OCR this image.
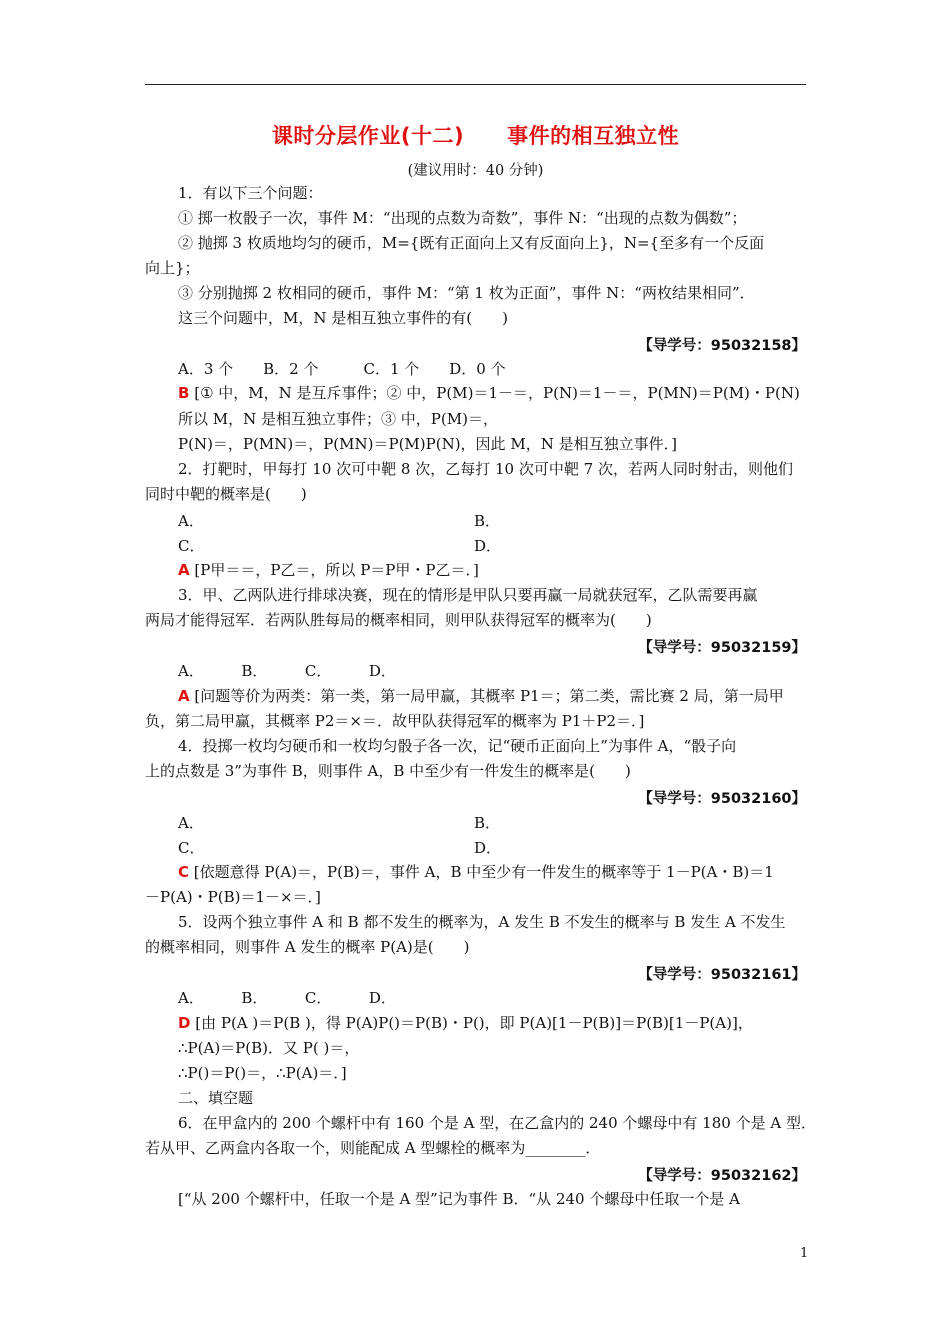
课时分层作业(十二)　　事件的相互独立性
(建议用时：40 分钟)
1．有以下三个问题：
① 掷一枚骰子一次，事件 M：“出现的点数为奇数”，事件 N：“出现的点数为偶数”；
② 抛掷 3 枚质地均匀的硬币，M={既有正面向上又有反面向上}，N={至多有一个反面
向上}；
③ 分别抛掷 2 枚相同的硬币，事件 M：“第 1 枚为正面”，事件 N：“两枚结果相同”．
这三个问题中，M，N 是相互独立事件的有(　　)
【导学号：95032158】
A．3 个　　B．2 个　　　C．1 个　　D．0 个
B [① 中，M，N 是互斥事件；② 中，P(M)＝1－＝，P(N)＝1－＝，P(MN)＝P(M)・P(N)
所以 M，N 是相互独立事件；③ 中，P(M)＝，
P(N)＝，P(MN)＝，P(MN)＝P(M)P(N)，因此 M，N 是相互独立事件．]
2．打靶时，甲每打 10 次可中靶 8 次，乙每打 10 次可中靶 7 次，若两人同时射击，则他们
同时中靶的概率是(　　)
A．	B．
C．	D．
A [P甲＝＝，P乙＝，所以 P＝P甲・P乙＝．]
3．甲、乙两队进行排球决赛，现在的情形是甲队只要再赢一局就获冠军，乙队需要再赢
两局才能得冠军．若两队胜每局的概率相同，则甲队获得冠军的概率为(　　)
【导学号：95032159】
A．　　　B．　　　C．　　　D．
A [问题等价为两类：第一类，第一局甲赢，其概率 P1＝；第二类，需比赛 2 局，第一局甲
负，第二局甲赢，其概率 P2＝×＝．故甲队获得冠军的概率为 P1＋P2＝．]
4．投掷一枚均匀硬币和一枚均匀骰子各一次，记“硬币正面向上”为事件 A，“骰子向
上的点数是 3”为事件 B，则事件 A，B 中至少有一件发生的概率是(　　)
【导学号：95032160】
A．	B．
C．	D．
C [依题意得 P(A)＝，P(B)＝，事件 A，B 中至少有一件发生的概率等于 1－P(A・B)＝1
－P(A)・P(B)＝1－×＝．]
5．设两个独立事件 A 和 B 都不发生的概率为，A 发生 B 不发生的概率与 B 发生 A 不发生
的概率相同，则事件 A 发生的概率 P(A)是(　　)
【导学号：95032161】
A．　　　B．　　　C．　　　D．
D [由 P(A )＝P(B )，得 P(A)P()＝P(B)・P()，即 P(A)[1－P(B)]＝P(B)[1－P(A)]，
∴P(A)＝P(B)．又 P( )＝，
∴P()＝P()＝，∴P(A)＝．]
二、填空题
6．在甲盒内的 200 个螺杆中有 160 个是 A 型，在乙盒内的 240 个螺母中有 180 个是 A 型．
若从甲、乙两盒内各取一个，则能配成 A 型螺栓的概率为________．
【导学号：95032162】
[“从 200 个螺杆中，任取一个是 A 型”记为事件 B．“从 240 个螺母中任取一个是 A
1
